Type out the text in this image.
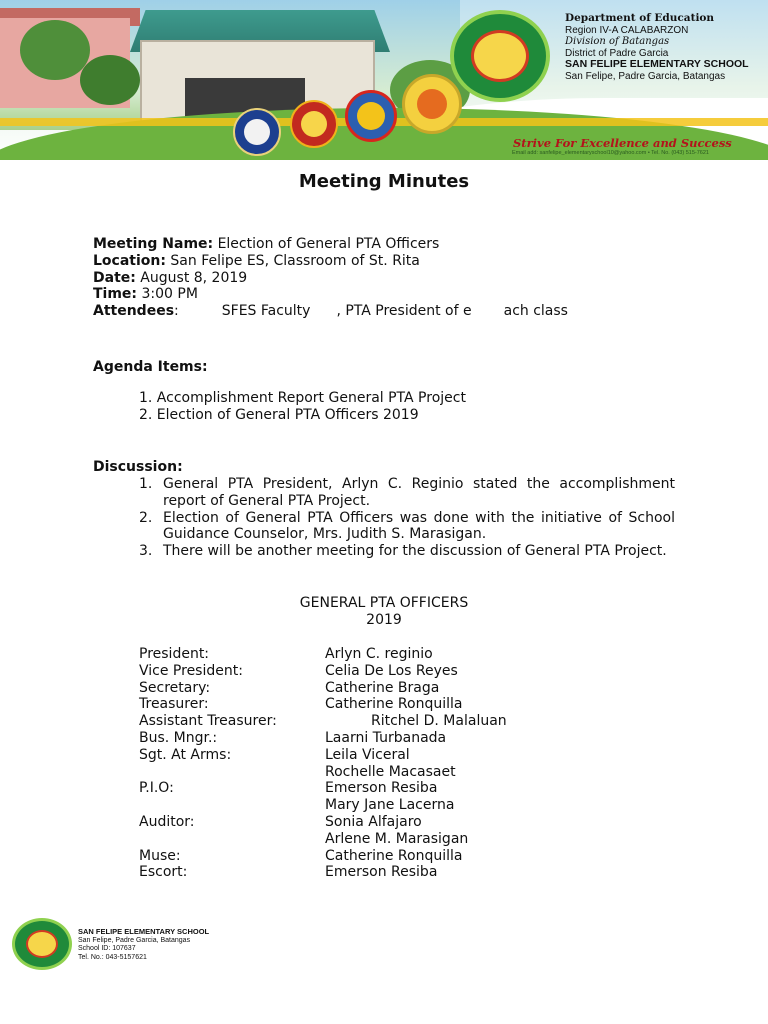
Department of Education
Region IV-A CALABARZON
Division of Batangas
District of Padre Garcia
SAN FELIPE ELEMENTARY SCHOOL
San Felipe, Padre Garcia, Batangas
Strive For Excellence and Success
Email add: sanfelipe_elementaryschool10@yahoo.com • Tel. No. (043) 515-7621
Meeting Minutes
Meeting Name: Election of General PTA Officers
Location: San Felipe ES, Classroom of St. Rita
Date: August 8, 2019
Time: 3:00 PM
Attendees:	SFES Faculty , PTA President of e ach class
Agenda Items:
1. Accomplishment Report General PTA Project
2. Election of General PTA Officers 2019
Discussion:
1. General PTA President, Arlyn C. Reginio stated the accomplishment report of General PTA Project.
2. Election of General PTA Officers was done with the initiative of School Guidance Counselor, Mrs. Judith S. Marasigan.
3. There will be another meeting for the discussion of General PTA Project.
GENERAL PTA OFFICERS
2019
President:	Arlyn C. reginio
Vice President:	Celia De Los Reyes
Secretary:	Catherine Braga
Treasurer:	Catherine Ronquilla
Assistant Treasurer:	Ritchel D. Malaluan
Bus. Mngr.:	Laarni Turbanada
Sgt. At Arms:	Leila Viceral
Rochelle Macasaet
P.I.O:	Emerson Resiba
Mary Jane Lacerna
Auditor:	Sonia Alfajaro
Arlene M. Marasigan
Muse:	Catherine Ronquilla
Escort:	Emerson Resiba
SAN FELIPE ELEMENTARY SCHOOL
San Felipe, Padre Garcia, Batangas
School ID: 107637
Tel. No.: 043-5157621
